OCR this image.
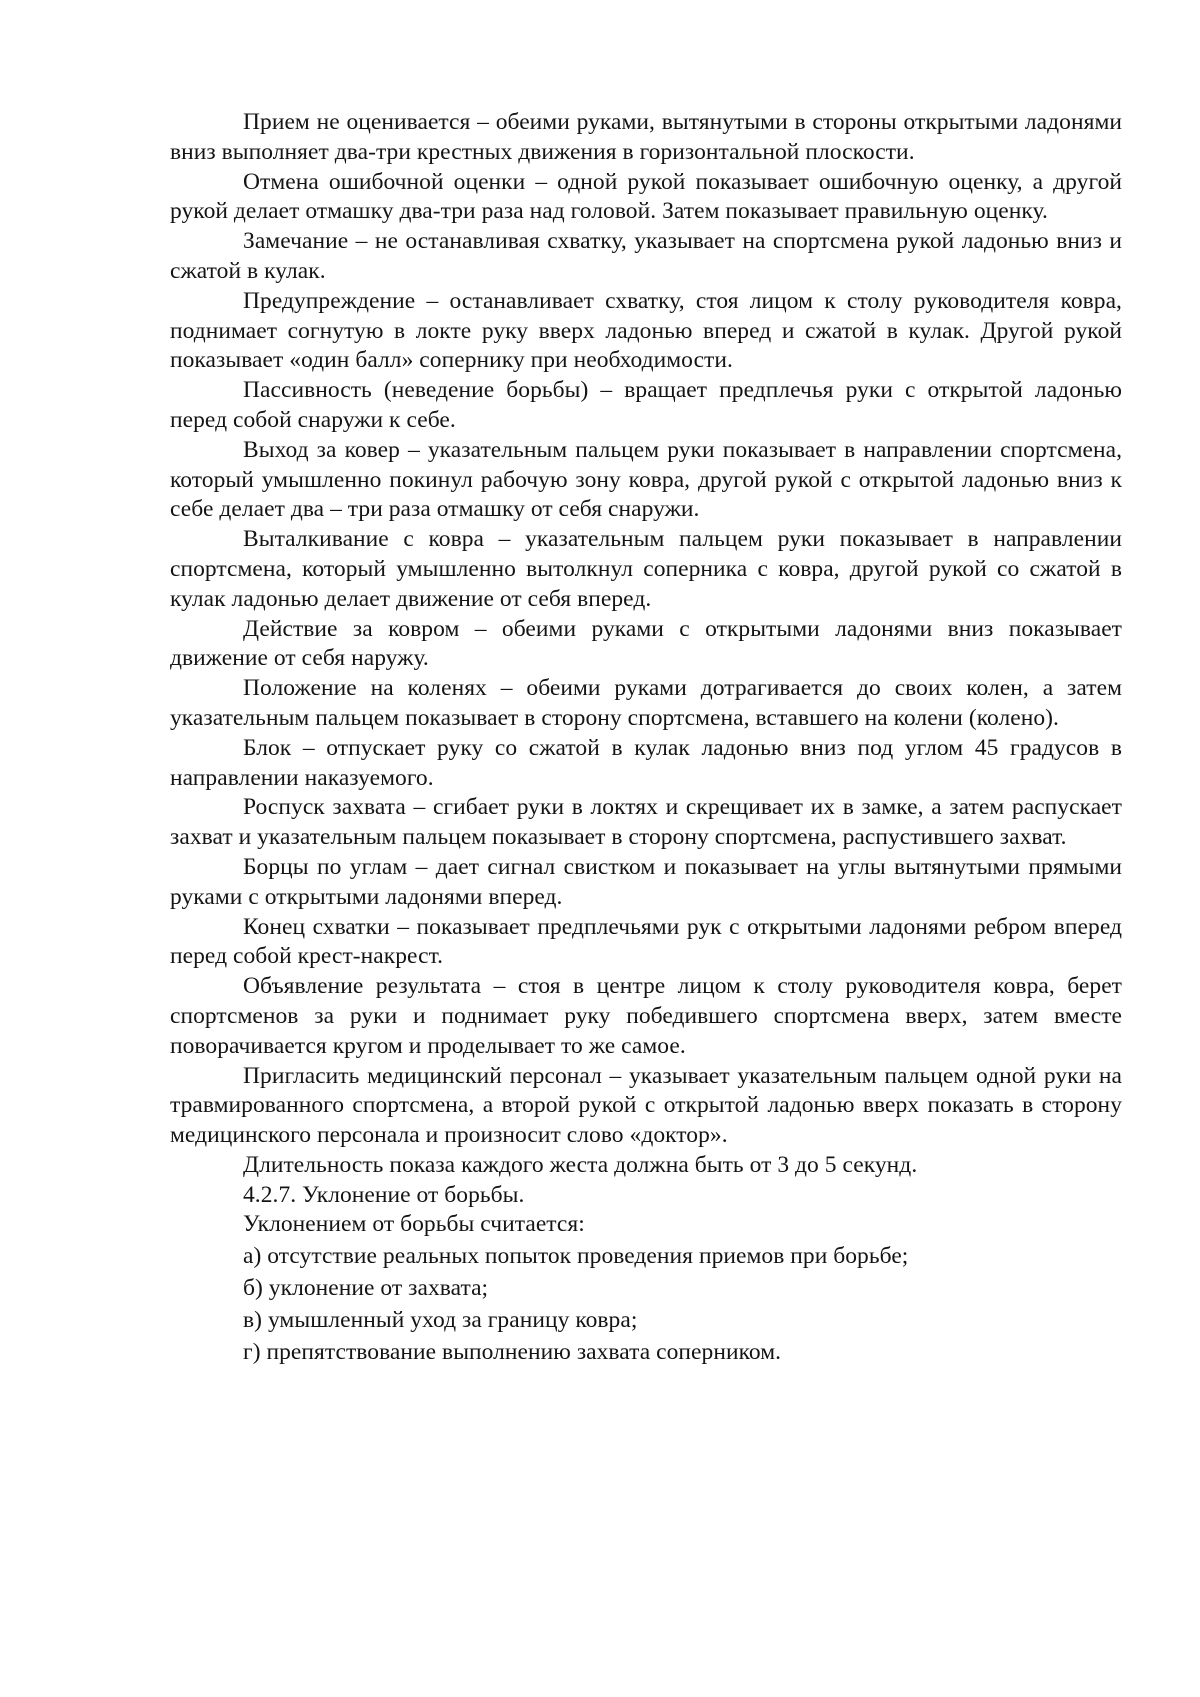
Прием не оценивается – обеими руками, вытянутыми в стороны открытыми ладонями вниз выполняет два-три крестных движения в горизонтальной плоскости.

Отмена ошибочной оценки – одной рукой показывает ошибочную оценку, а другой рукой делает отмашку два-три раза над головой. Затем показывает правильную оценку.

Замечание – не останавливая схватку, указывает на спортсмена рукой ладонью вниз и сжатой в кулак.

Предупреждение – останавливает схватку, стоя лицом к столу руководителя ковра, поднимает согнутую в локте руку вверх ладонью вперед и сжатой в кулак. Другой рукой показывает «один балл» сопернику при необходимости.

Пассивность (неведение борьбы) – вращает предплечья руки с открытой ладонью перед собой снаружи к себе.

Выход за ковер – указательным пальцем руки показывает в направлении спортсмена, который умышленно покинул рабочую зону ковра, другой рукой с открытой ладонью вниз к себе делает два – три раза отмашку от себя снаружи.

Выталкивание с ковра – указательным пальцем руки показывает в направлении спортсмена, который умышленно вытолкнул соперника с ковра, другой рукой со сжатой в кулак ладонью делает движение от себя вперед.

Действие за ковром – обеими руками с открытыми ладонями вниз показывает движение от себя наружу.

Положение на коленях – обеими руками дотрагивается до своих колен, а затем указательным пальцем показывает в сторону спортсмена, вставшего на колени (колено).

Блок – отпускает руку со сжатой в кулак ладонью вниз под углом 45 градусов в направлении наказуемого.

Роспуск захвата – сгибает руки в локтях и скрещивает их в замке, а затем распускает захват и указательным пальцем показывает в сторону спортсмена, распустившего захват.

Борцы по углам – дает сигнал свистком и показывает на углы вытянутыми прямыми руками с открытыми ладонями вперед.

Конец схватки – показывает предплечьями рук с открытыми ладонями ребром вперед перед собой крест-накрест.

Объявление результата – стоя в центре лицом к столу руководителя ковра, берет спортсменов за руки и поднимает руку победившего спортсмена вверх, затем вместе поворачивается кругом и проделывает то же самое.

Пригласить медицинский персонал – указывает указательным пальцем одной руки на травмированного спортсмена, а второй рукой с открытой ладонью вверх показать в сторону медицинского персонала и произносит слово «доктор».

Длительность показа каждого жеста должна быть от 3 до 5 секунд.

4.2.7. Уклонение от борьбы.

Уклонением от борьбы считается:

а) отсутствие реальных попыток проведения приемов при борьбе;

б) уклонение от захвата;

в) умышленный уход за границу ковра;

г) препятствование выполнению захвата соперником.
